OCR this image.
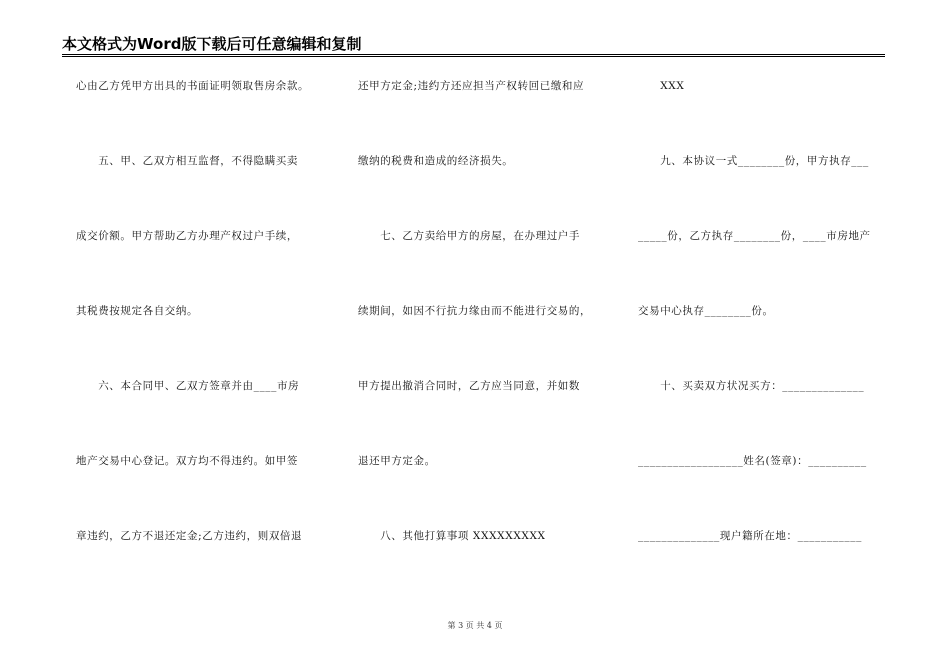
本文格式为Word版下载后可任意编辑和复制
心由乙方凭甲方出具的书面证明领取售房余款。
　　五、甲、乙双方相互监督，不得隐瞒买卖
成交价额。甲方帮助乙方办理产权过户手续，
其税费按规定各自交纳。
　　六、本合同甲、乙双方签章并由____市房
地产交易中心登记。双方均不得违约。如甲签
章违约，乙方不退还定金;乙方违约，则双倍退
还甲方定金;违约方还应担当产权转回已缴和应
缴纳的税费和造成的经济损失。
　　七、乙方卖给甲方的房屋，在办理过户手
续期间，如因不行抗力缘由而不能进行交易的，
甲方提出撤消合同时，乙方应当同意，并如数
退还甲方定金。
　　八、其他打算事项 XXXXXXXXX
　　XXX
　　九、本协议一式________份，甲方执存___
_____份，乙方执存________份，____市房地产
交易中心执存________份。
　　十、买卖双方状况买方：______________
__________________姓名(签章)：__________
______________现户籍所在地：___________
第 3 页 共 4 页
